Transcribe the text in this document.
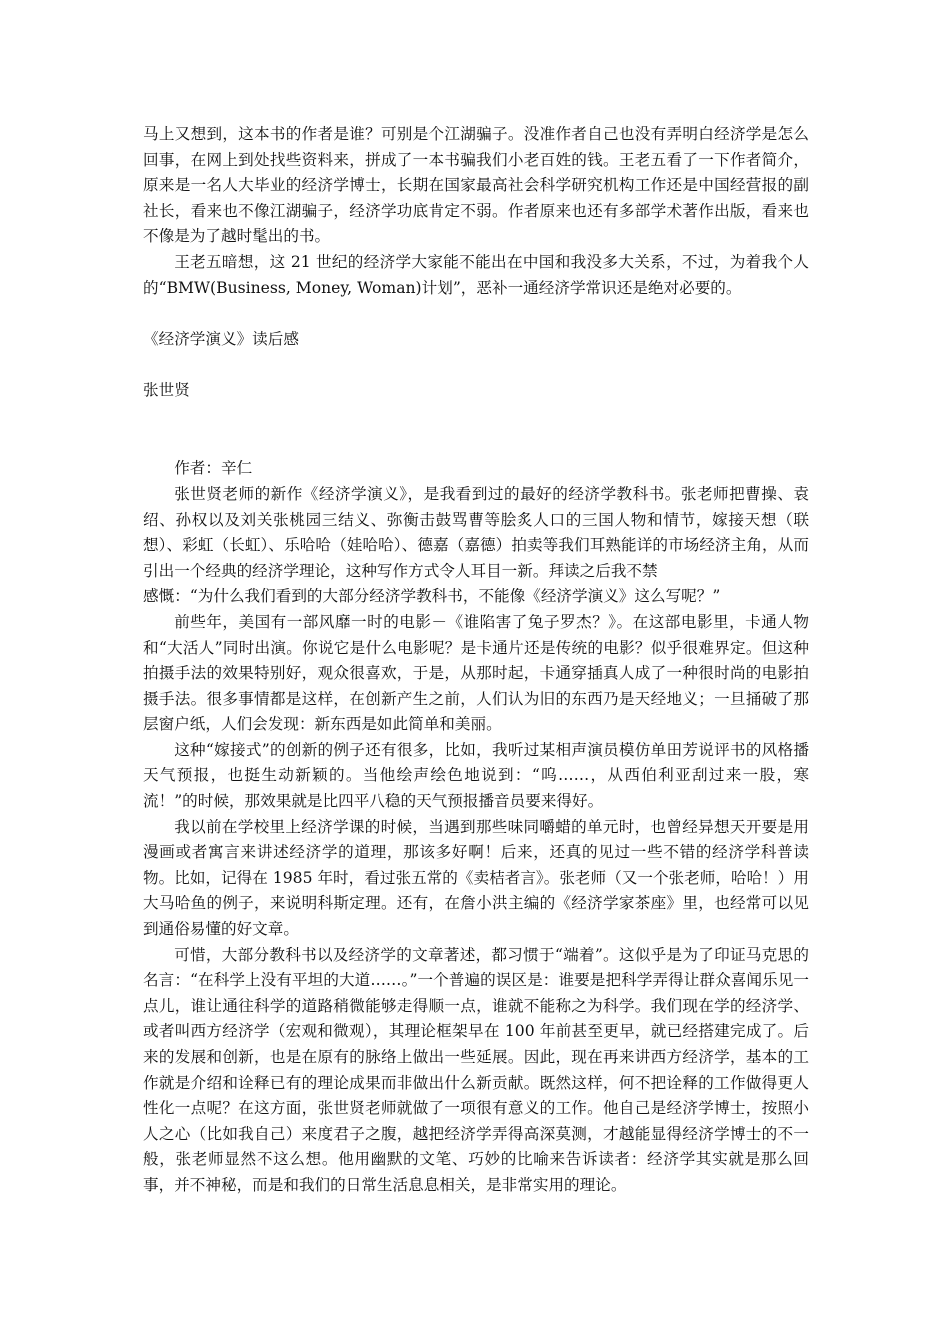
马上又想到，这本书的作者是谁？可别是个江湖骗子。没准作者自己也没有弄明白经济学是怎么回事，在网上到处找些资料来，拼成了一本书骗我们小老百姓的钱。王老五看了一下作者简介，原来是一名人大毕业的经济学博士，长期在国家最高社会科学研究机构工作还是中国经营报的副社长，看来也不像江湖骗子，经济学功底肯定不弱。作者原来也还有多部学术著作出版，看来也不像是为了越时髦出的书。

王老五暗想，这 21 世纪的经济学大家能不能出在中国和我没多大关系，不过，为着我个人的“BMW(Business, Money, Woman)计划”，恶补一通经济学常识还是绝对必要的。

《经济学演义》读后感

张世贤

作者：辛仁

张世贤老师的新作《经济学演义》，是我看到过的最好的经济学教科书。张老师把曹操、袁绍、孙权以及刘关张桃园三结义、弥衡击鼓骂曹等脍炙人口的三国人物和情节，嫁接天想（联想）、彩虹（长虹）、乐哈哈（娃哈哈）、德嘉（嘉德）拍卖等我们耳熟能详的市场经济主角，从而引出一个经典的经济学理论，这种写作方式令人耳目一新。拜读之后我不禁

感慨：“为什么我们看到的大部分经济学教科书，不能像《经济学演义》这么写呢？”

前些年，美国有一部风靡一时的电影－《谁陷害了兔子罗杰？》。在这部电影里，卡通人物和“大活人”同时出演。你说它是什么电影呢？是卡通片还是传统的电影？似乎很难界定。但这种拍摄手法的效果特别好，观众很喜欢，于是，从那时起，卡通穿插真人成了一种很时尚的电影拍摄手法。很多事情都是这样，在创新产生之前，人们认为旧的东西乃是天经地义；一旦捅破了那层窗户纸，人们会发现：新东西是如此简单和美丽。

这种“嫁接式”的创新的例子还有很多，比如，我听过某相声演员模仿单田芳说评书的风格播天气预报，也挺生动新颖的。当他绘声绘色地说到：“呜……，从西伯利亚刮过来一股，寒流！”的时候，那效果就是比四平八稳的天气预报播音员要来得好。

我以前在学校里上经济学课的时候，当遇到那些味同嚼蜡的单元时，也曾经异想天开要是用漫画或者寓言来讲述经济学的道理，那该多好啊！后来，还真的见过一些不错的经济学科普读物。比如，记得在 1985 年时，看过张五常的《卖桔者言》。张老师（又一个张老师，哈哈！）用大马哈鱼的例子，来说明科斯定理。还有，在詹小洪主编的《经济学家茶座》里，也经常可以见到通俗易懂的好文章。

可惜，大部分教科书以及经济学的文章著述，都习惯于“端着”。这似乎是为了印证马克思的名言：“在科学上没有平坦的大道……。”一个普遍的误区是：谁要是把科学弄得让群众喜闻乐见一点儿，谁让通往科学的道路稍微能够走得顺一点，谁就不能称之为科学。我们现在学的经济学、或者叫西方经济学（宏观和微观），其理论框架早在 100 年前甚至更早，就已经搭建完成了。后来的发展和创新，也是在原有的脉络上做出一些延展。因此，现在再来讲西方经济学，基本的工作就是介绍和诠释已有的理论成果而非做出什么新贡献。既然这样，何不把诠释的工作做得更人性化一点呢？在这方面，张世贤老师就做了一项很有意义的工作。他自己是经济学博士，按照小人之心（比如我自己）来度君子之腹，越把经济学弄得高深莫测，才越能显得经济学博士的不一般，张老师显然不这么想。他用幽默的文笔、巧妙的比喻来告诉读者：经济学其实就是那么回事，并不神秘，而是和我们的日常生活息息相关，是非常实用的理论。
